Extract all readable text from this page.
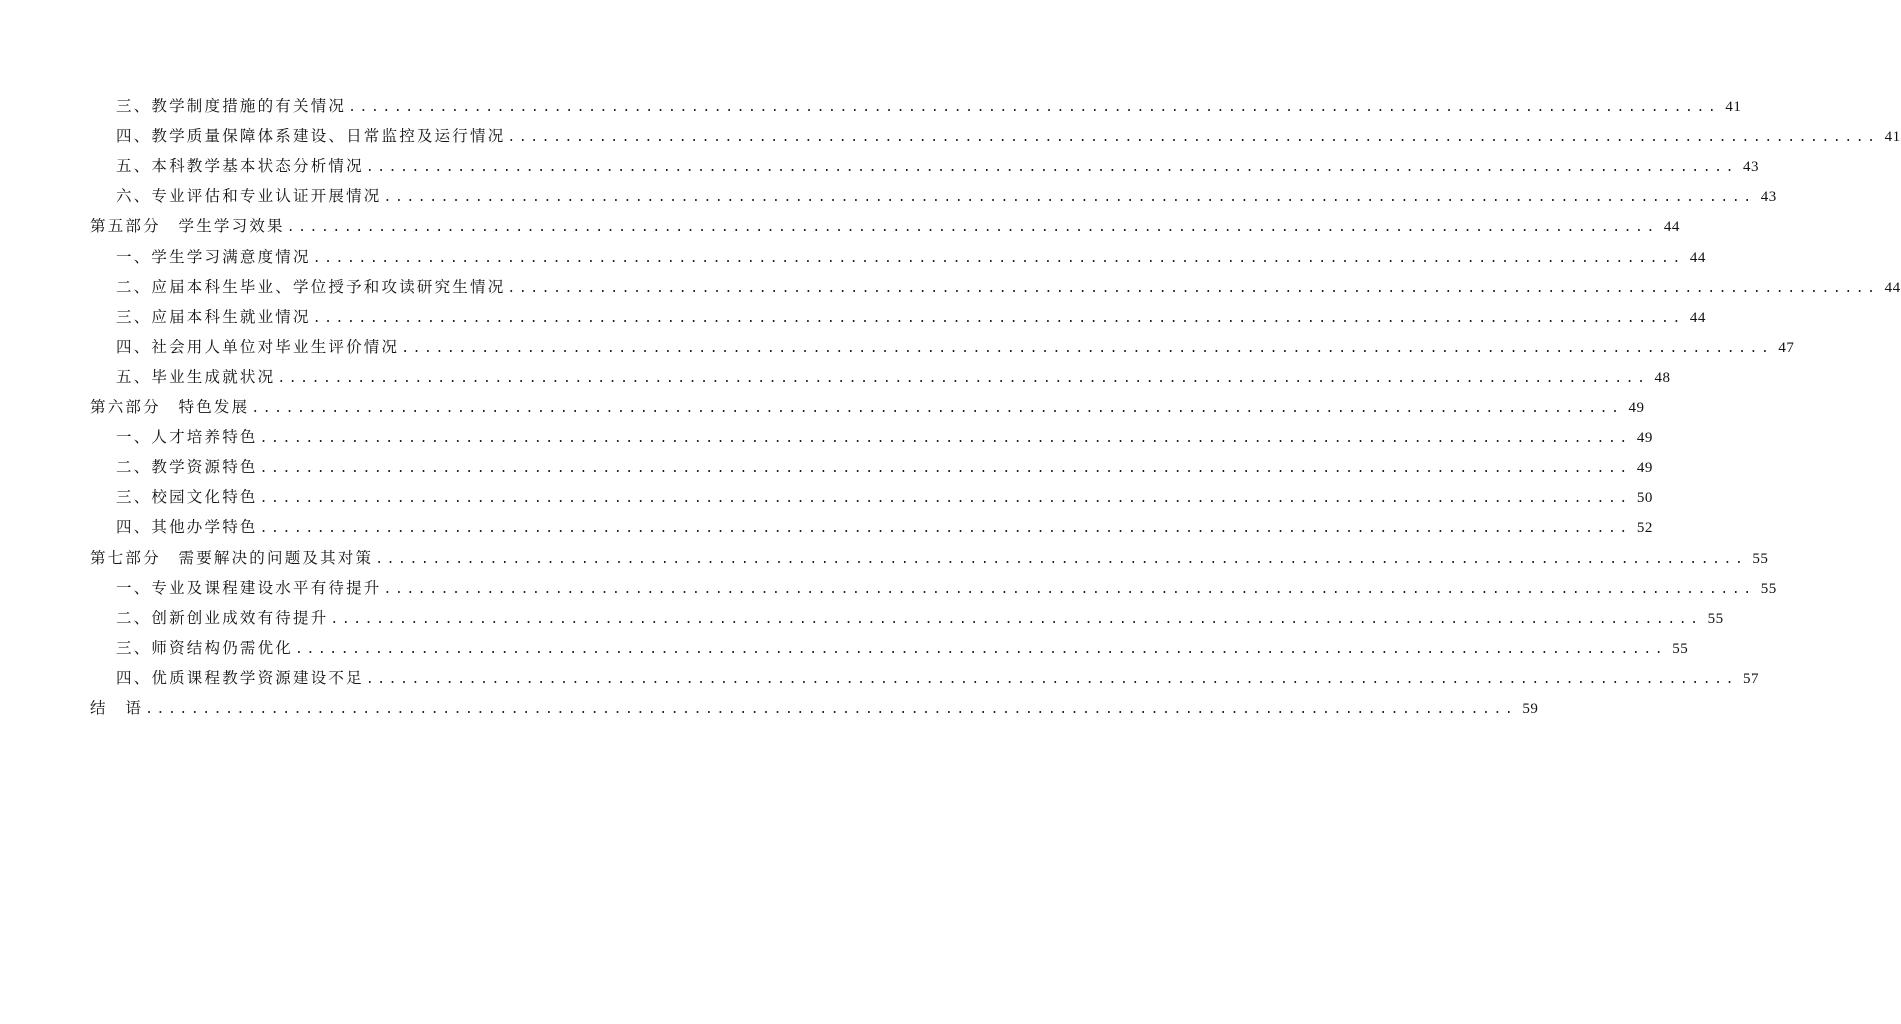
三、教学制度措施的有关情况 ........................................................................................................................ 41
四、教学质量保障体系建设、日常监控及运行情况 ........................................................................................................................ 41
五、本科教学基本状态分析情况 ........................................................................................................................ 43
六、专业评估和专业认证开展情况 ........................................................................................................................ 43
第五部分 学生学习效果 ........................................................................................................................ 44
一、学生学习满意度情况 ........................................................................................................................ 44
二、应届本科生毕业、学位授予和攻读研究生情况 ........................................................................................................................ 44
三、应届本科生就业情况 ........................................................................................................................ 44
四、社会用人单位对毕业生评价情况 ........................................................................................................................ 47
五、毕业生成就状况 ........................................................................................................................ 48
第六部分 特色发展 ........................................................................................................................ 49
一、人才培养特色 ........................................................................................................................ 49
二、教学资源特色 ........................................................................................................................ 49
三、校园文化特色 ........................................................................................................................ 50
四、其他办学特色 ........................................................................................................................ 52
第七部分 需要解决的问题及其对策 ........................................................................................................................ 55
一、专业及课程建设水平有待提升 ........................................................................................................................ 55
二、创新创业成效有待提升 ........................................................................................................................ 55
三、师资结构仍需优化 ........................................................................................................................ 55
四、优质课程教学资源建设不足 ........................................................................................................................ 57
结 语 ........................................................................................................................ 59
